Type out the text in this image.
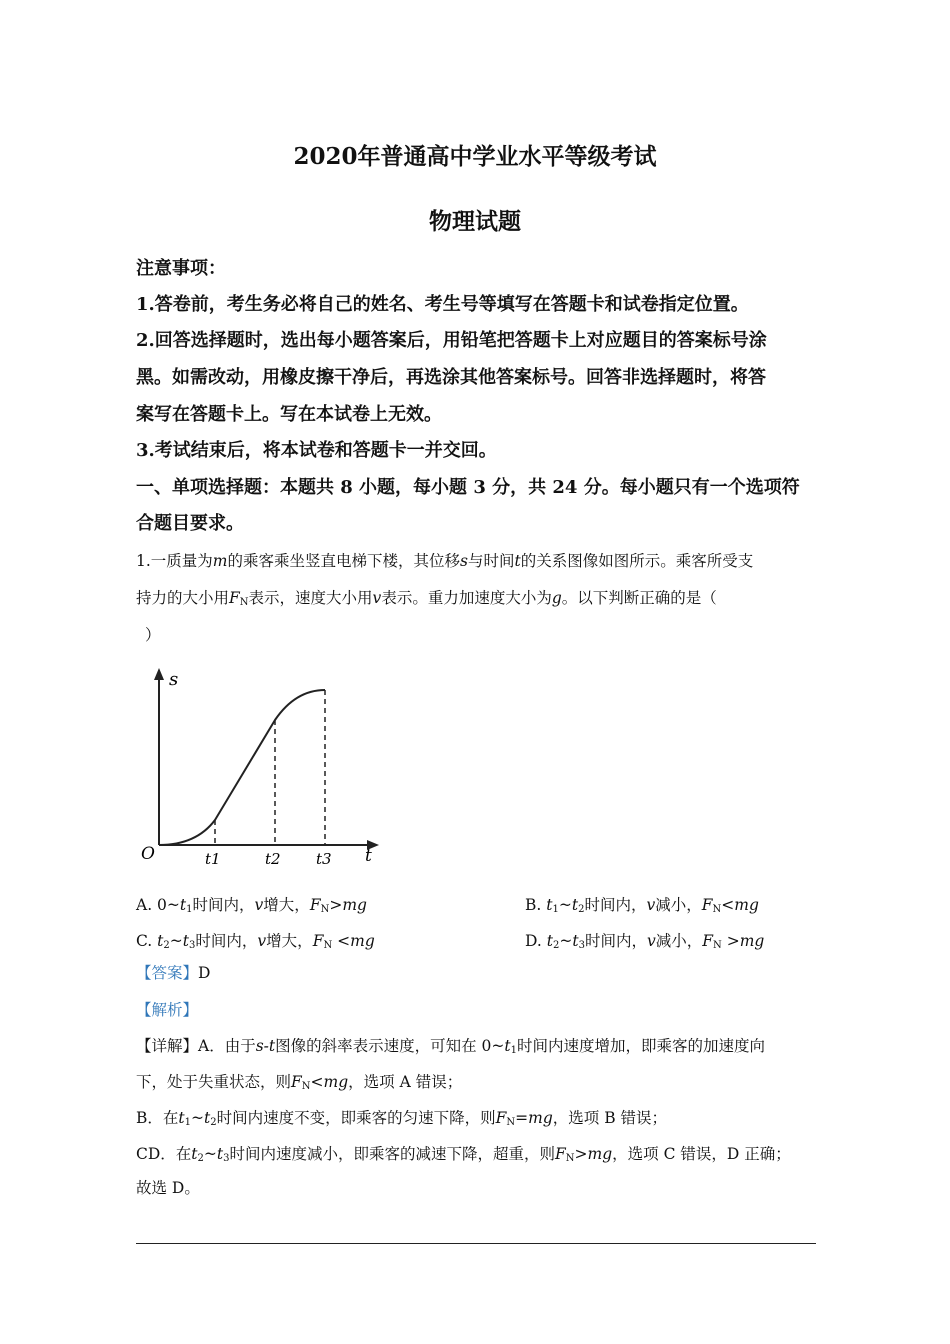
2020年普通高中学业水平等级考试
物理试题
注意事项：
1.答卷前，考生务必将自己的姓名、考生号等填写在答题卡和试卷指定位置。
2.回答选择题时，选出每小题答案后，用铅笔把答题卡上对应题目的答案标号涂
黑。如需改动，用橡皮擦干净后，再选涂其他答案标号。回答非选择题时，将答
案写在答题卡上。写在本试卷上无效。
3.考试结束后，将本试卷和答题卡一并交回。
一、单项选择题：本题共 8 小题，每小题 3 分，共 24 分。每小题只有一个选项符
合题目要求。
1.一质量为m的乘客乘坐竖直电梯下楼，其位移s与时间t的关系图像如图所示。乘客所受支
持力的大小用$F_N$表示，速度大小用v表示。重力加速度大小为g。以下判断正确的是（
）
s
O	t
t1	t2 t3
A. $0\sim t_1$时间内，v增大，$F_N>mg$	B. $t_1\sim t_2$时间内，v减小，$F_N<mg$
C. $t_2\sim t_3$时间内，v增大，$F_N <mg$	D. $t_2\sim t_3$时间内，v减小，$F_N >mg$
【答案】D
【解析】
【详解】A．由于s-t图像的斜率表示速度，可知在 $0\sim t_1$时间内速度增加，即乘客的加速度向
下，处于失重状态，则$F_N<mg$，选项 A 错误；
B．在$t_1\sim t_2$时间内速度不变，即乘客的匀速下降，则$F_N=mg$，选项 B 错误；
CD．在$t_2\sim t_3$时间内速度减小，即乘客的减速下降，超重，则$F_N>mg$，选项 C 错误，D 正确；
故选 D。
